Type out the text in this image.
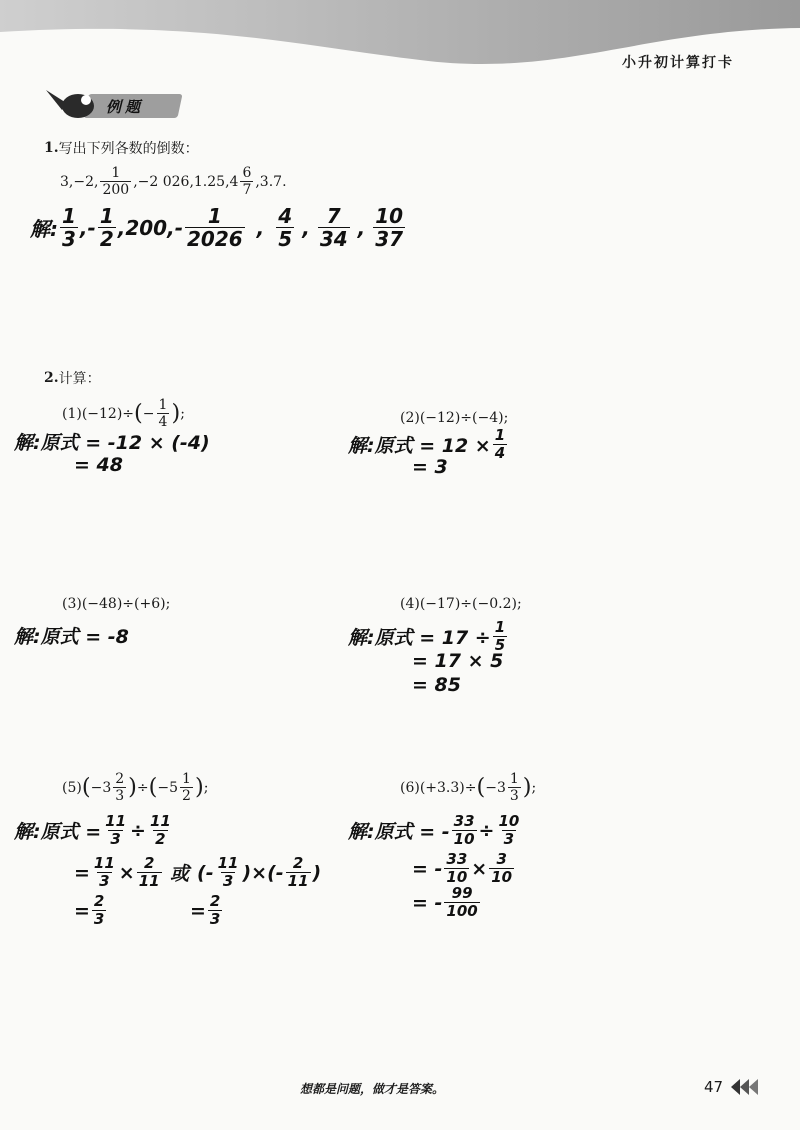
小升初计算打卡
例题
1. 写出下列各数的倒数：
3,−2, $\frac{1}{200} ,-2$ $026,1.25,4 \frac{6}{7} ,3.7$.
解: $\frac{1}{3}$ ,- $\frac{1}{2} ,200,- \frac{1}{2026}$ , $\frac{4}{5}$ , $\frac{7}{34}$ , $\frac{10}{37}$
2. 计算：
(1)(−12)÷ ( − $\frac{1}{4}$ ) ;
解:原式 = -12 × (-4)
= 48
(2)(−12)÷(−4);
解:原式 = $12 \times \frac{1}{4}$
= 3
(3)(−48)÷(+6);
解:原式 = -8
(4)(−17)÷(−0.2);
解:原式 = $17 \div \frac{1}{5}$
= 17 × 5
= 85
(5) ( $-3 \frac{2}{3}$ ) ÷ ( $-5 \frac{1}{2}$ ) ;
解:原式 = $\frac{11}{3} \div \frac{11}{2}$
= $\frac{11}{3} \times \frac{2}{11}$ 或 (- $\frac{11}{3}$ )×(- $\frac{2}{11}$ )
= $\frac{2}{3}$	= $\frac{2}{3}$
(6)(+3.3)÷ ( $-3 \frac{1}{3}$ ) ;
解:原式 = - $\frac{33}{10} \div \frac{10}{3}$
= - $\frac{33}{10} \times \frac{3}{10}$
= - $\frac{99}{100}$
想都是问题，做才是答案。	47
